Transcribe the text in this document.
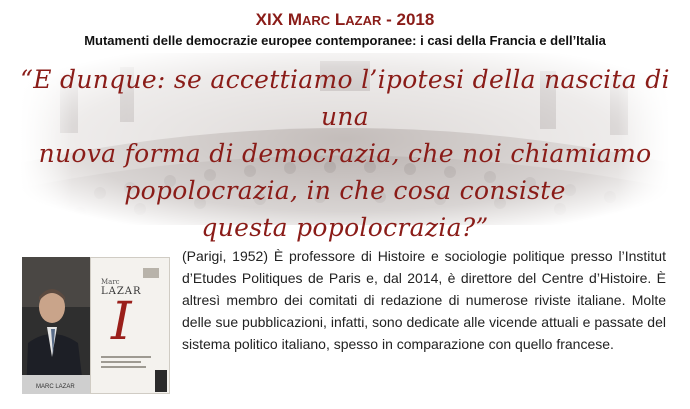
XIX MARC LAZAR - 2018
Mutamenti delle democrazie europee contemporanee: i casi della Francia e dell’Italia
“E dunque: se accettiamo l’ipotesi della nascita di una
nuova forma di democrazia, che noi chiamiamo
popolocrazia, in che cosa consiste
questa popolocrazia?”
MARC LAZAR
Marc
LAZAR
I
(Parigi, 1952) È professore di Histoire e sociologie politique presso l’Institut d’Etudes Politiques de Paris e, dal 2014, è direttore del Centre d’Histoire. È altresì membro dei comitati di redazione di numerose riviste italiane. Molte delle sue pubblicazioni, infatti, sono dedicate alle vicende attuali e passate del sistema politico italiano, spesso in comparazione con quello francese.
